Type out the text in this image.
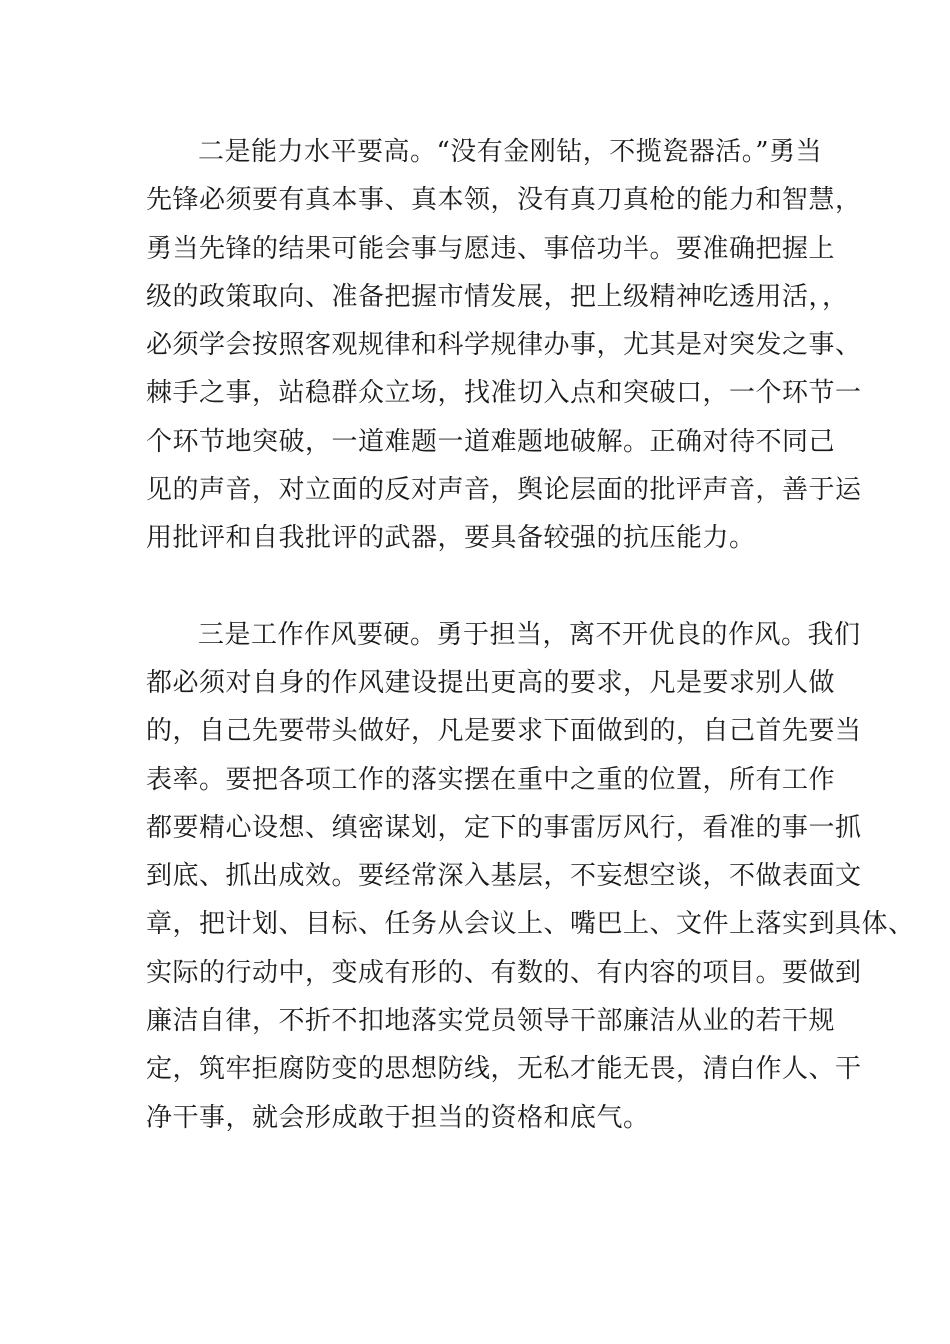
二是能力水平要高。“没有金刚钻，不揽瓷器活。”勇当
先锋必须要有真本事、真本领，没有真刀真枪的能力和智慧，
勇当先锋的结果可能会事与愿违、事倍功半。要准确把握上
级的政策取向、准备把握市情发展，把上级精神吃透用活，，
必须学会按照客观规律和科学规律办事，尤其是对突发之事、
棘手之事，站稳群众立场，找准切入点和突破口，一个环节一
个环节地突破，一道难题一道难题地破解。正确对待不同己
见的声音，对立面的反对声音，舆论层面的批评声音，善于运
用批评和自我批评的武器，要具备较强的抗压能力。

三是工作作风要硬。勇于担当，离不开优良的作风。我们
都必须对自身的作风建设提出更高的要求，凡是要求别人做
的，自己先要带头做好，凡是要求下面做到的，自己首先要当
表率。要把各项工作的落实摆在重中之重的位置，所有工作
都要精心设想、缜密谋划，定下的事雷厉风行，看准的事一抓
到底、抓出成效。要经常深入基层，不妄想空谈，不做表面文
章，把计划、目标、任务从会议上、嘴巴上、文件上落实到具体、
实际的行动中，变成有形的、有数的、有内容的项目。要做到
廉洁自律，不折不扣地落实党员领导干部廉洁从业的若干规
定，筑牢拒腐防变的思想防线，无私才能无畏，清白作人、干
净干事，就会形成敢于担当的资格和底气。
